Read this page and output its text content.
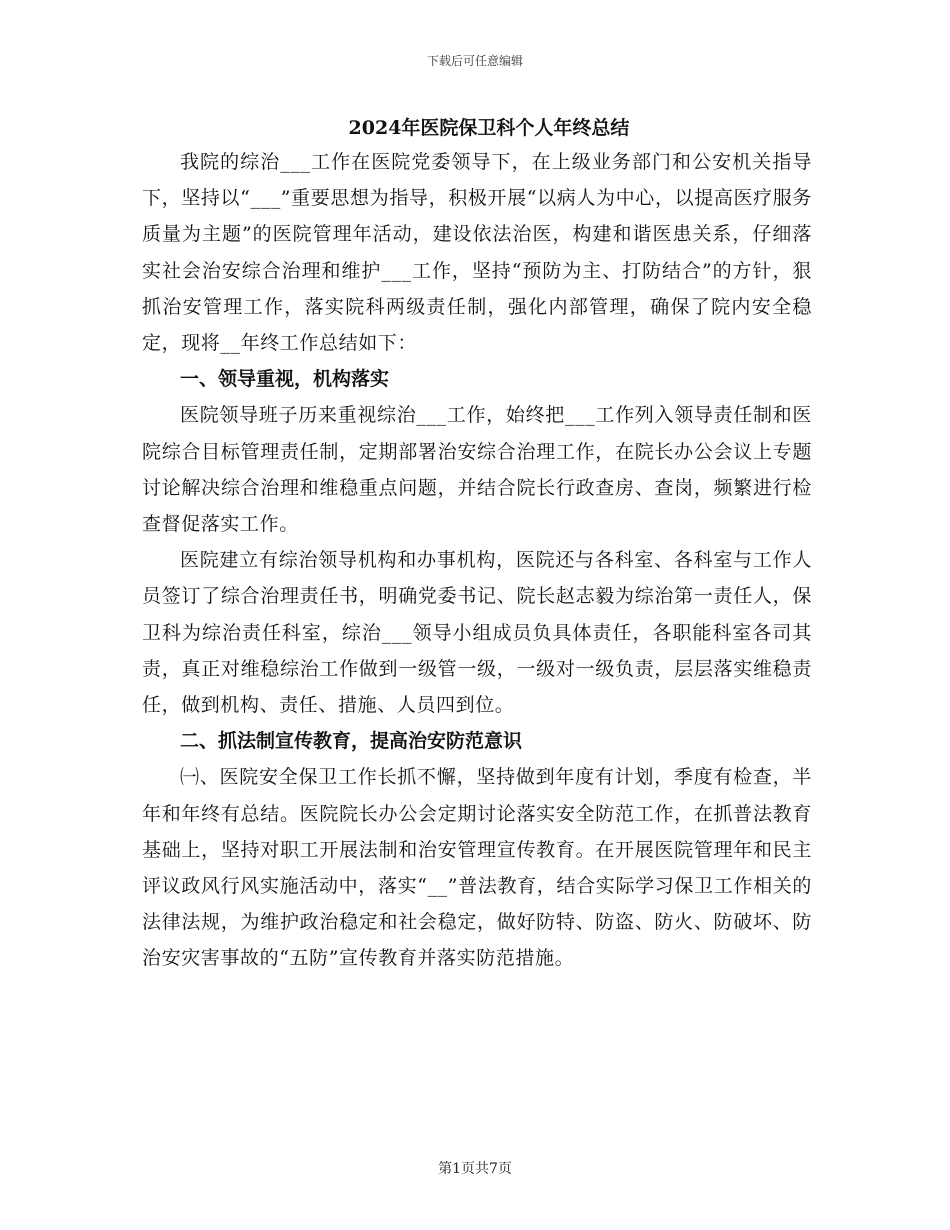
下载后可任意编辑
2024年医院保卫科个人年终总结

我院的综治___工作在医院党委领导下，在上级业务部门和公安机关指导下，坚持以“___”重要思想为指导，积极开展“以病人为中心，以提高医疗服务质量为主题”的医院管理年活动，建设依法治医，构建和谐医患关系，仔细落实社会治安综合治理和维护___工作，坚持“预防为主、打防结合”的方针，狠抓治安管理工作，落实院科两级责任制，强化内部管理，确保了院内安全稳定，现将__年终工作总结如下：

一、领导重视，机构落实

医院领导班子历来重视综治___工作，始终把___工作列入领导责任制和医院综合目标管理责任制，定期部署治安综合治理工作，在院长办公会议上专题讨论解决综合治理和维稳重点问题，并结合院长行政查房、查岗，频繁进行检查督促落实工作。

医院建立有综治领导机构和办事机构，医院还与各科室、各科室与工作人员签订了综合治理责任书，明确党委书记、院长赵志毅为综治第一责任人，保卫科为综治责任科室，综治___领导小组成员负具体责任，各职能科室各司其责，真正对维稳综治工作做到一级管一级，一级对一级负责，层层落实维稳责任，做到机构、责任、措施、人员四到位。

二、抓法制宣传教育，提高治安防范意识

㈠、医院安全保卫工作长抓不懈，坚持做到年度有计划，季度有检查，半年和年终有总结。医院院长办公会定期讨论落实安全防范工作，在抓普法教育基础上，坚持对职工开展法制和治安管理宣传教育。在开展医院管理年和民主评议政风行风实施活动中，落实“__”普法教育，结合实际学习保卫工作相关的法律法规，为维护政治稳定和社会稳定，做好防特、防盗、防火、防破坏、防治安灾害事故的“五防”宣传教育并落实防范措施。

第1页共7页
